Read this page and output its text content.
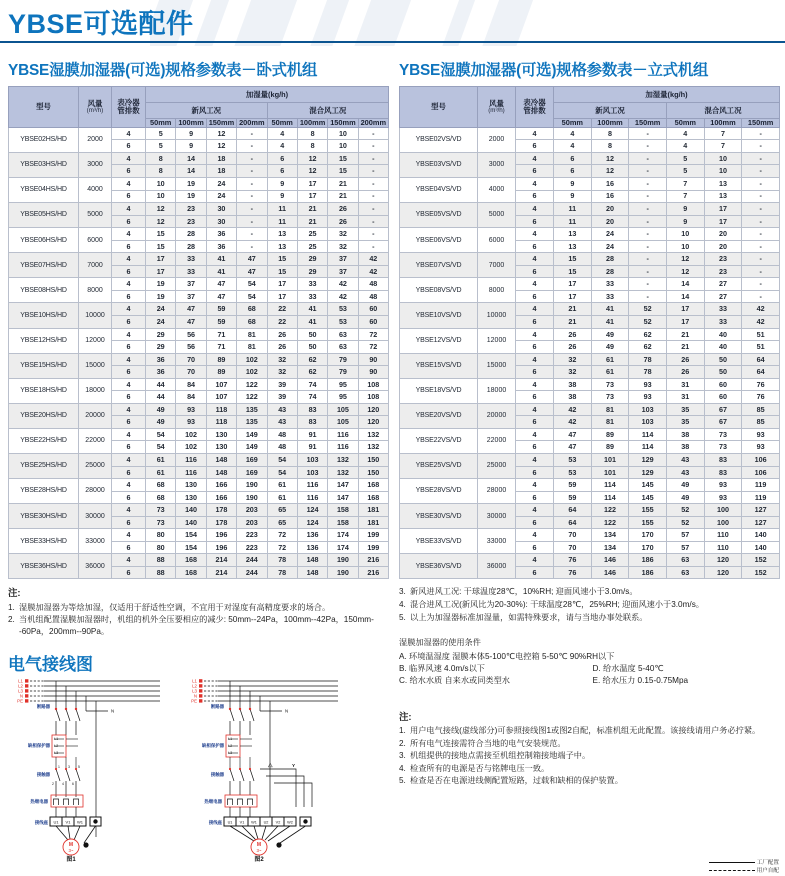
YBSE可选配件
YBSE湿膜加湿器(可选)规格参数表－卧式机组
型号	风量
(m³/h)

表冷器
管排数
	加湿量(kg/h)
			新风工况				混合风工况			
			50mm	100mm	150mm	200mm	50mm	100mm	150mm	200mm
YBSE02HS/HD	2000	4	5	9	12	-	4	8	10	-
		6	5	9	12	-	4	8	10	-
YBSE03HS/HD	3000	4	8	14	18	-	6	12	15	-
		6	8	14	18	-	6	12	15	-
YBSE04HS/HD	4000	4	10	19	24	-	9	17	21	-
		6	10	19	24	-	9	17	21	-
YBSE05HS/HD	5000	4	12	23	30	-	11	21	26	-
		6	12	23	30	-	11	21	26	-
YBSE06HS/HD	6000	4	15	28	36	-	13	25	32	-
		6	15	28	36	-	13	25	32	-
YBSE07HS/HD	7000	4	17	33	41	47	15	29	37	42
		6	17	33	41	47	15	29	37	42
YBSE08HS/HD	8000	4	19	37	47	54	17	33	42	48
		6	19	37	47	54	17	33	42	48
YBSE10HS/HD	10000	4	24	47	59	68	22	41	53	60
		6	24	47	59	68	22	41	53	60
YBSE12HS/HD	12000	4	29	56	71	81	26	50	63	72
		6	29	56	71	81	26	50	63	72
YBSE15HS/HD	15000	4	36	70	89	102	32	62	79	90
		6	36	70	89	102	32	62	79	90
YBSE18HS/HD	18000	4	44	84	107	122	39	74	95	108
		6	44	84	107	122	39	74	95	108
YBSE20HS/HD	20000	4	49	93	118	135	43	83	105	120
		6	49	93	118	135	43	83	105	120
YBSE22HS/HD	22000	4	54	102	130	149	48	91	116	132
		6	54	102	130	149	48	91	116	132
YBSE25HS/HD	25000	4	61	116	148	169	54	103	132	150
		6	61	116	148	169	54	103	132	150
YBSE28HS/HD	28000	4	68	130	166	190	61	116	147	168
		6	68	130	166	190	61	116	147	168
YBSE30HS/HD	30000	4	73	140	178	203	65	124	158	181
		6	73	140	178	203	65	124	158	181
YBSE33HS/HD	33000	4	80	154	196	223	72	136	174	199
		6	80	154	196	223	72	136	174	199
YBSE36HS/HD	36000	4	88	168	214	244	78	148	190	216
		6	88	168	214	244	78	148	190	216
注:
1. 湿膜加湿器为等焓加湿，仅适用于舒适性空调，不宜用于对湿度有高精度要求的场合。
2. 当机组配置湿膜加湿器时，机组的机外全压要相应的减少: 50mm--24Pa，100mm--42Pa，150mm--60Pa，200mm--90Pa。
电气接线图
L1
L2
L3
N
PE
N
断路器
L1
L2
L3
缺相保护器
1 3 5
2 4 6
接触器
热继电器
U1 V1 W1
接线座
M
3~
图1
L1
L2
L3
N
PE
N
断路器
L1
L2
L3
缺相保护器
△	Y
接触器
热继电器
U1 V1 W1 U2 V2 W2
接线座
M
3~
图2
YBSE湿膜加湿器(可选)规格参数表－立式机组
型号	风量
(m³/h)

表冷器
管排数
	加湿量(kg/h)
			新风工况			混合风工况		
			50mm	100mm	150mm	50mm	100mm	150mm
YBSE02VS/VD	2000	4	4	8	-	4	7	-
		6	4	8	-	4	7	-
YBSE03VS/VD	3000	4	6	12	-	5	10	-
		6	6	12	-	5	10	-
YBSE04VS/VD	4000	4	9	16	-	7	13	-
		6	9	16	-	7	13	-
YBSE05VS/VD	5000	4	11	20	-	9	17	-
		6	11	20	-	9	17	-
YBSE06VS/VD	6000	4	13	24	-	10	20	-
		6	13	24	-	10	20	-
YBSE07VS/VD	7000	4	15	28	-	12	23	-
		6	15	28	-	12	23	-
YBSE08VS/VD	8000	4	17	33	-	14	27	-
		6	17	33	-	14	27	-
YBSE10VS/VD	10000	4	21	41	52	17	33	42
		6	21	41	52	17	33	42
YBSE12VS/VD	12000	4	26	49	62	21	40	51
		6	26	49	62	21	40	51
YBSE15VS/VD	15000	4	32	61	78	26	50	64
		6	32	61	78	26	50	64
YBSE18VS/VD	18000	4	38	73	93	31	60	76
		6	38	73	93	31	60	76
YBSE20VS/VD	20000	4	42	81	103	35	67	85
		6	42	81	103	35	67	85
YBSE22VS/VD	22000	4	47	89	114	38	73	93
		6	47	89	114	38	73	93
YBSE25VS/VD	25000	4	53	101	129	43	83	106
		6	53	101	129	43	83	106
YBSE28VS/VD	28000	4	59	114	145	49	93	119
		6	59	114	145	49	93	119
YBSE30VS/VD	30000	4	64	122	155	52	100	127
		6	64	122	155	52	100	127
YBSE33VS/VD	33000	4	70	134	170	57	110	140
		6	70	134	170	57	110	140
YBSE36VS/VD	36000	4	76	146	186	63	120	152
		6	76	146	186	63	120	152
3. 新风进风工况: 干球温度28℃，10%RH; 迎面风速小于3.0m/s。
4. 混合进风工况(新风比为20-30%): 干球温度28℃，25%RH; 迎面风速小于3.0m/s。
5. 以上为加湿器标准加湿量，如需特殊要求，请与当地办事处联系。
湿膜加湿器的使用条件
A. 环境温湿度 湿膜本体5-100℃电控箱 5-50℃ 90%RH以下
B. 临界风速 4.0m/s以下	D. 给水温度 5-40℃
C. 给水水质 自来水或同类型水	E. 给水压力 0.15-0.75Mpa
注:
1. 用户电气接线(虚线部分)可参照接线图1或图2自配，标准机组无此配置。该接线请用户务必拧紧。
2. 所有电气连接需符合当地的电气安装规范。
3. 机组提供的接地点需接至机组控制箱接地端子中。
4. 检查所有的电源是否与铭牌电压一致。
5. 检查是否在电源进线侧配置短路，过载和缺相的保护装置。
工厂配置
用户自配
